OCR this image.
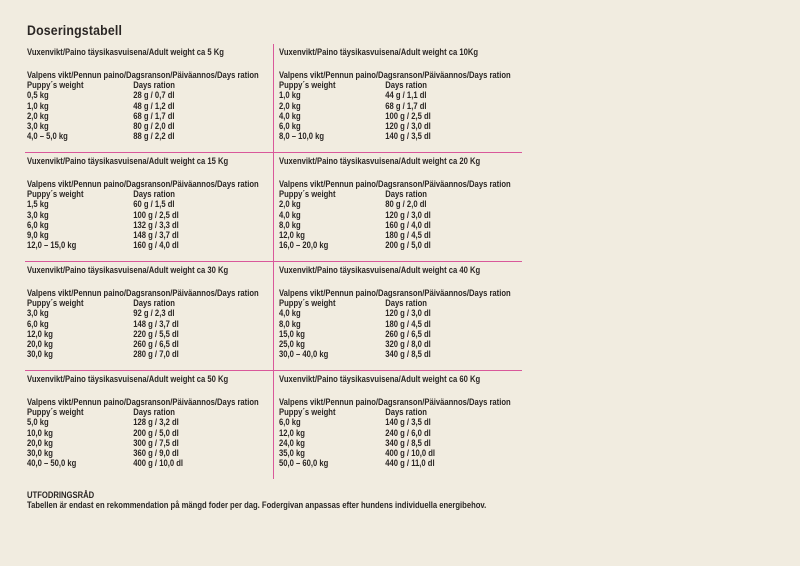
Doseringstabell
Vuxenvikt/Paino täysikasvuisena/Adult weight ca 5 Kg
Valpens vikt/Pennun paino/ Dagsranson/Päiväannos/Days ration
Puppy´s weight	Days ration
0,5 kg	28 g / 0,7 dl
1,0 kg	48 g / 1,2 dl
2,0 kg	68 g / 1,7 dl
3,0 kg	80 g / 2,0 dl
4,0 – 5,0 kg	88 g / 2,2 dl
Vuxenvikt/Paino täysikasvuisena/Adult weight ca 10Kg
Valpens vikt/Pennun paino/ Dagsranson/Päiväannos/Days ration
Puppy´s weight	Days ration
1,0 kg	44 g / 1,1 dl
2,0 kg	68 g / 1,7 dl
4,0 kg	100 g / 2,5 dl
6,0 kg	120 g / 3,0 dl
8,0 – 10,0 kg	140 g / 3,5 dl
Vuxenvikt/Paino täysikasvuisena/Adult weight ca 15 Kg
Valpens vikt/Pennun paino/ Dagsranson/Päiväannos/Days ration
Puppy´s weight	Days ration
1,5 kg	60 g / 1,5 dl
3,0 kg	100 g / 2,5 dl
6,0 kg	132 g / 3,3 dl
9,0 kg	148 g / 3,7 dl
12,0 – 15,0 kg	160 g / 4,0 dl
Vuxenvikt/Paino täysikasvuisena/Adult weight ca 20 Kg
Valpens vikt/Pennun paino/ Dagsranson/Päiväannos/Days ration
Puppy´s weight	Days ration
2,0 kg	80 g / 2,0 dl
4,0 kg	120 g / 3,0 dl
8,0 kg	160 g / 4,0 dl
12,0 kg	180 g / 4,5 dl
16,0 – 20,0 kg	200 g / 5,0 dl
Vuxenvikt/Paino täysikasvuisena/Adult weight ca 30 Kg
Valpens vikt/Pennun paino/ Dagsranson/Päiväannos/Days ration
Puppy´s weight	Days ration
3,0 kg	92 g / 2,3 dl
6,0 kg	148 g / 3,7 dl
12,0 kg	220 g / 5,5 dl
20,0 kg	260 g / 6,5 dl
30,0 kg	280 g / 7,0 dl
Vuxenvikt/Paino täysikasvuisena/Adult weight ca 40 Kg
Valpens vikt/Pennun paino/ Dagsranson/Päiväannos/Days ration
Puppy´s weight	Days ration
4,0 kg	120 g / 3,0 dl
8,0 kg	180 g / 4,5 dl
15,0 kg	260 g / 6,5 dl
25,0 kg	320 g / 8,0 dl
30,0 – 40,0 kg	340 g / 8,5 dl
Vuxenvikt/Paino täysikasvuisena/Adult weight ca 50 Kg
Valpens vikt/Pennun paino/ Dagsranson/Päiväannos/Days ration
Puppy´s weight	Days ration
5,0 kg	128 g / 3,2 dl
10,0 kg	200 g / 5,0 dl
20,0 kg	300 g / 7,5 dl
30,0 kg	360 g / 9,0 dl
40,0 – 50,0 kg	400 g / 10,0 dl
Vuxenvikt/Paino täysikasvuisena/Adult weight ca 60 Kg
Valpens vikt/Pennun paino/ Dagsranson/Päiväannos/Days ration
Puppy´s weight	Days ration
6,0 kg	140 g / 3,5 dl
12,0 kg	240 g / 6,0 dl
24,0 kg	340 g / 8,5 dl
35,0 kg	400 g / 10,0 dl
50,0 – 60,0 kg	440 g / 11,0 dl
UTFODRINGSRÅD
Tabellen är endast en rekommendation på mängd foder per dag. Fodergivan anpassas efter hundens individuella energibehov.
